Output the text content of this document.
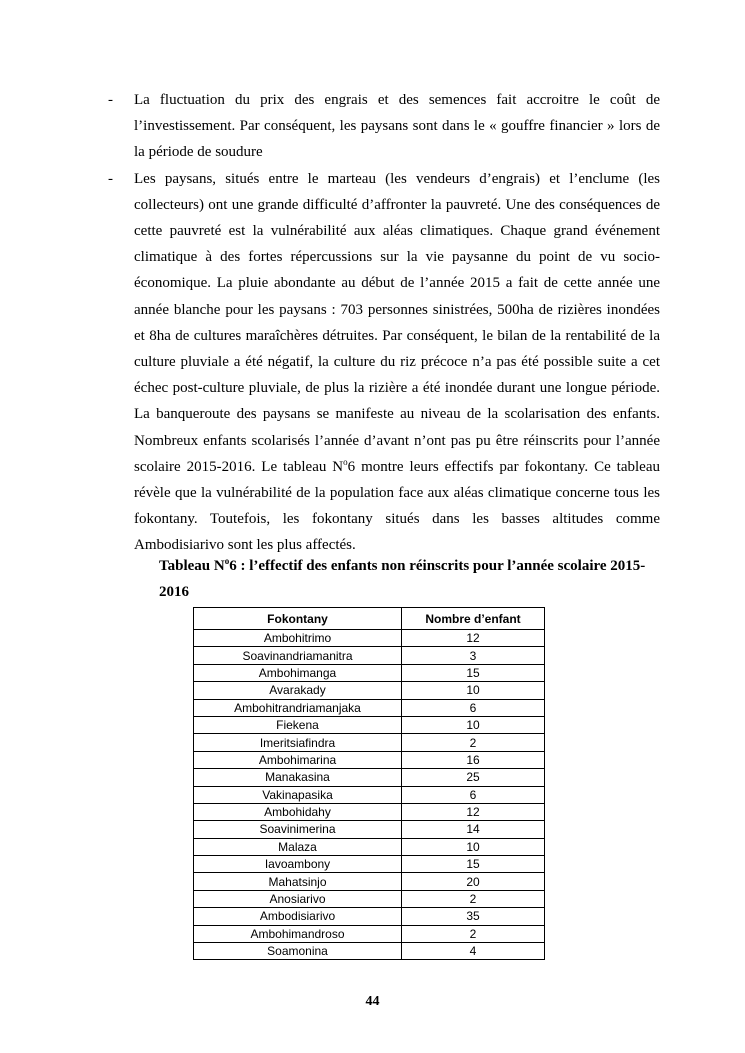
- La fluctuation du prix des engrais et des semences fait accroitre le coût de l’investissement. Par conséquent, les paysans sont dans le « gouffre financier » lors de la période de soudure
- Les paysans, situés entre le marteau (les vendeurs d’engrais) et l’enclume (les collecteurs) ont une grande difficulté d’affronter la pauvreté. Une des conséquences de cette pauvreté est la vulnérabilité aux aléas climatiques. Chaque grand événement climatique à des fortes répercussions sur la vie paysanne du point de vu socio-économique. La pluie abondante au début de l’année 2015 a fait de cette année une année blanche pour les paysans : 703 personnes sinistrées, 500ha de rizières inondées et 8ha de cultures maraîchères détruites. Par conséquent, le bilan de la rentabilité de la culture pluviale a été négatif, la culture du riz précoce n’a pas été possible suite a cet échec post-culture pluviale, de plus la rizière a été inondée durant une longue période. La banqueroute des paysans se manifeste au niveau de la scolarisation des enfants. Nombreux enfants scolarisés l’année d’avant n’ont pas pu être réinscrits pour l’année scolaire 2015-2016. Le tableau $N^o6$ montre leurs effectifs par fokontany. Ce tableau révèle que la vulnérabilité de la population face aux aléas climatique concerne tous les fokontany. Toutefois, les fokontany situés dans les basses altitudes comme Ambodisiarivo sont les plus affectés.
Tableau $N^o6$ : l’effectif des enfants non réinscrits pour l’année scolaire 2015-2016
Fokontany	Nombre d’enfant
Ambohitrimo	12
Soavinandriamanitra	3
Ambohimanga	15
Avarakady	10
Ambohitrandriamanjaka	6
Fiekena	10
Imeritsiafindra	2
Ambohimarina	16
Manakasina	25
Vakinapasika	6
Ambohidahy	12
Soavinimerina	14
Malaza	10
Iavoambony	15
Mahatsinjo	20
Anosiarivo	2
Ambodisiarivo	35
Ambohimandroso	2
Soamonina	4
44
